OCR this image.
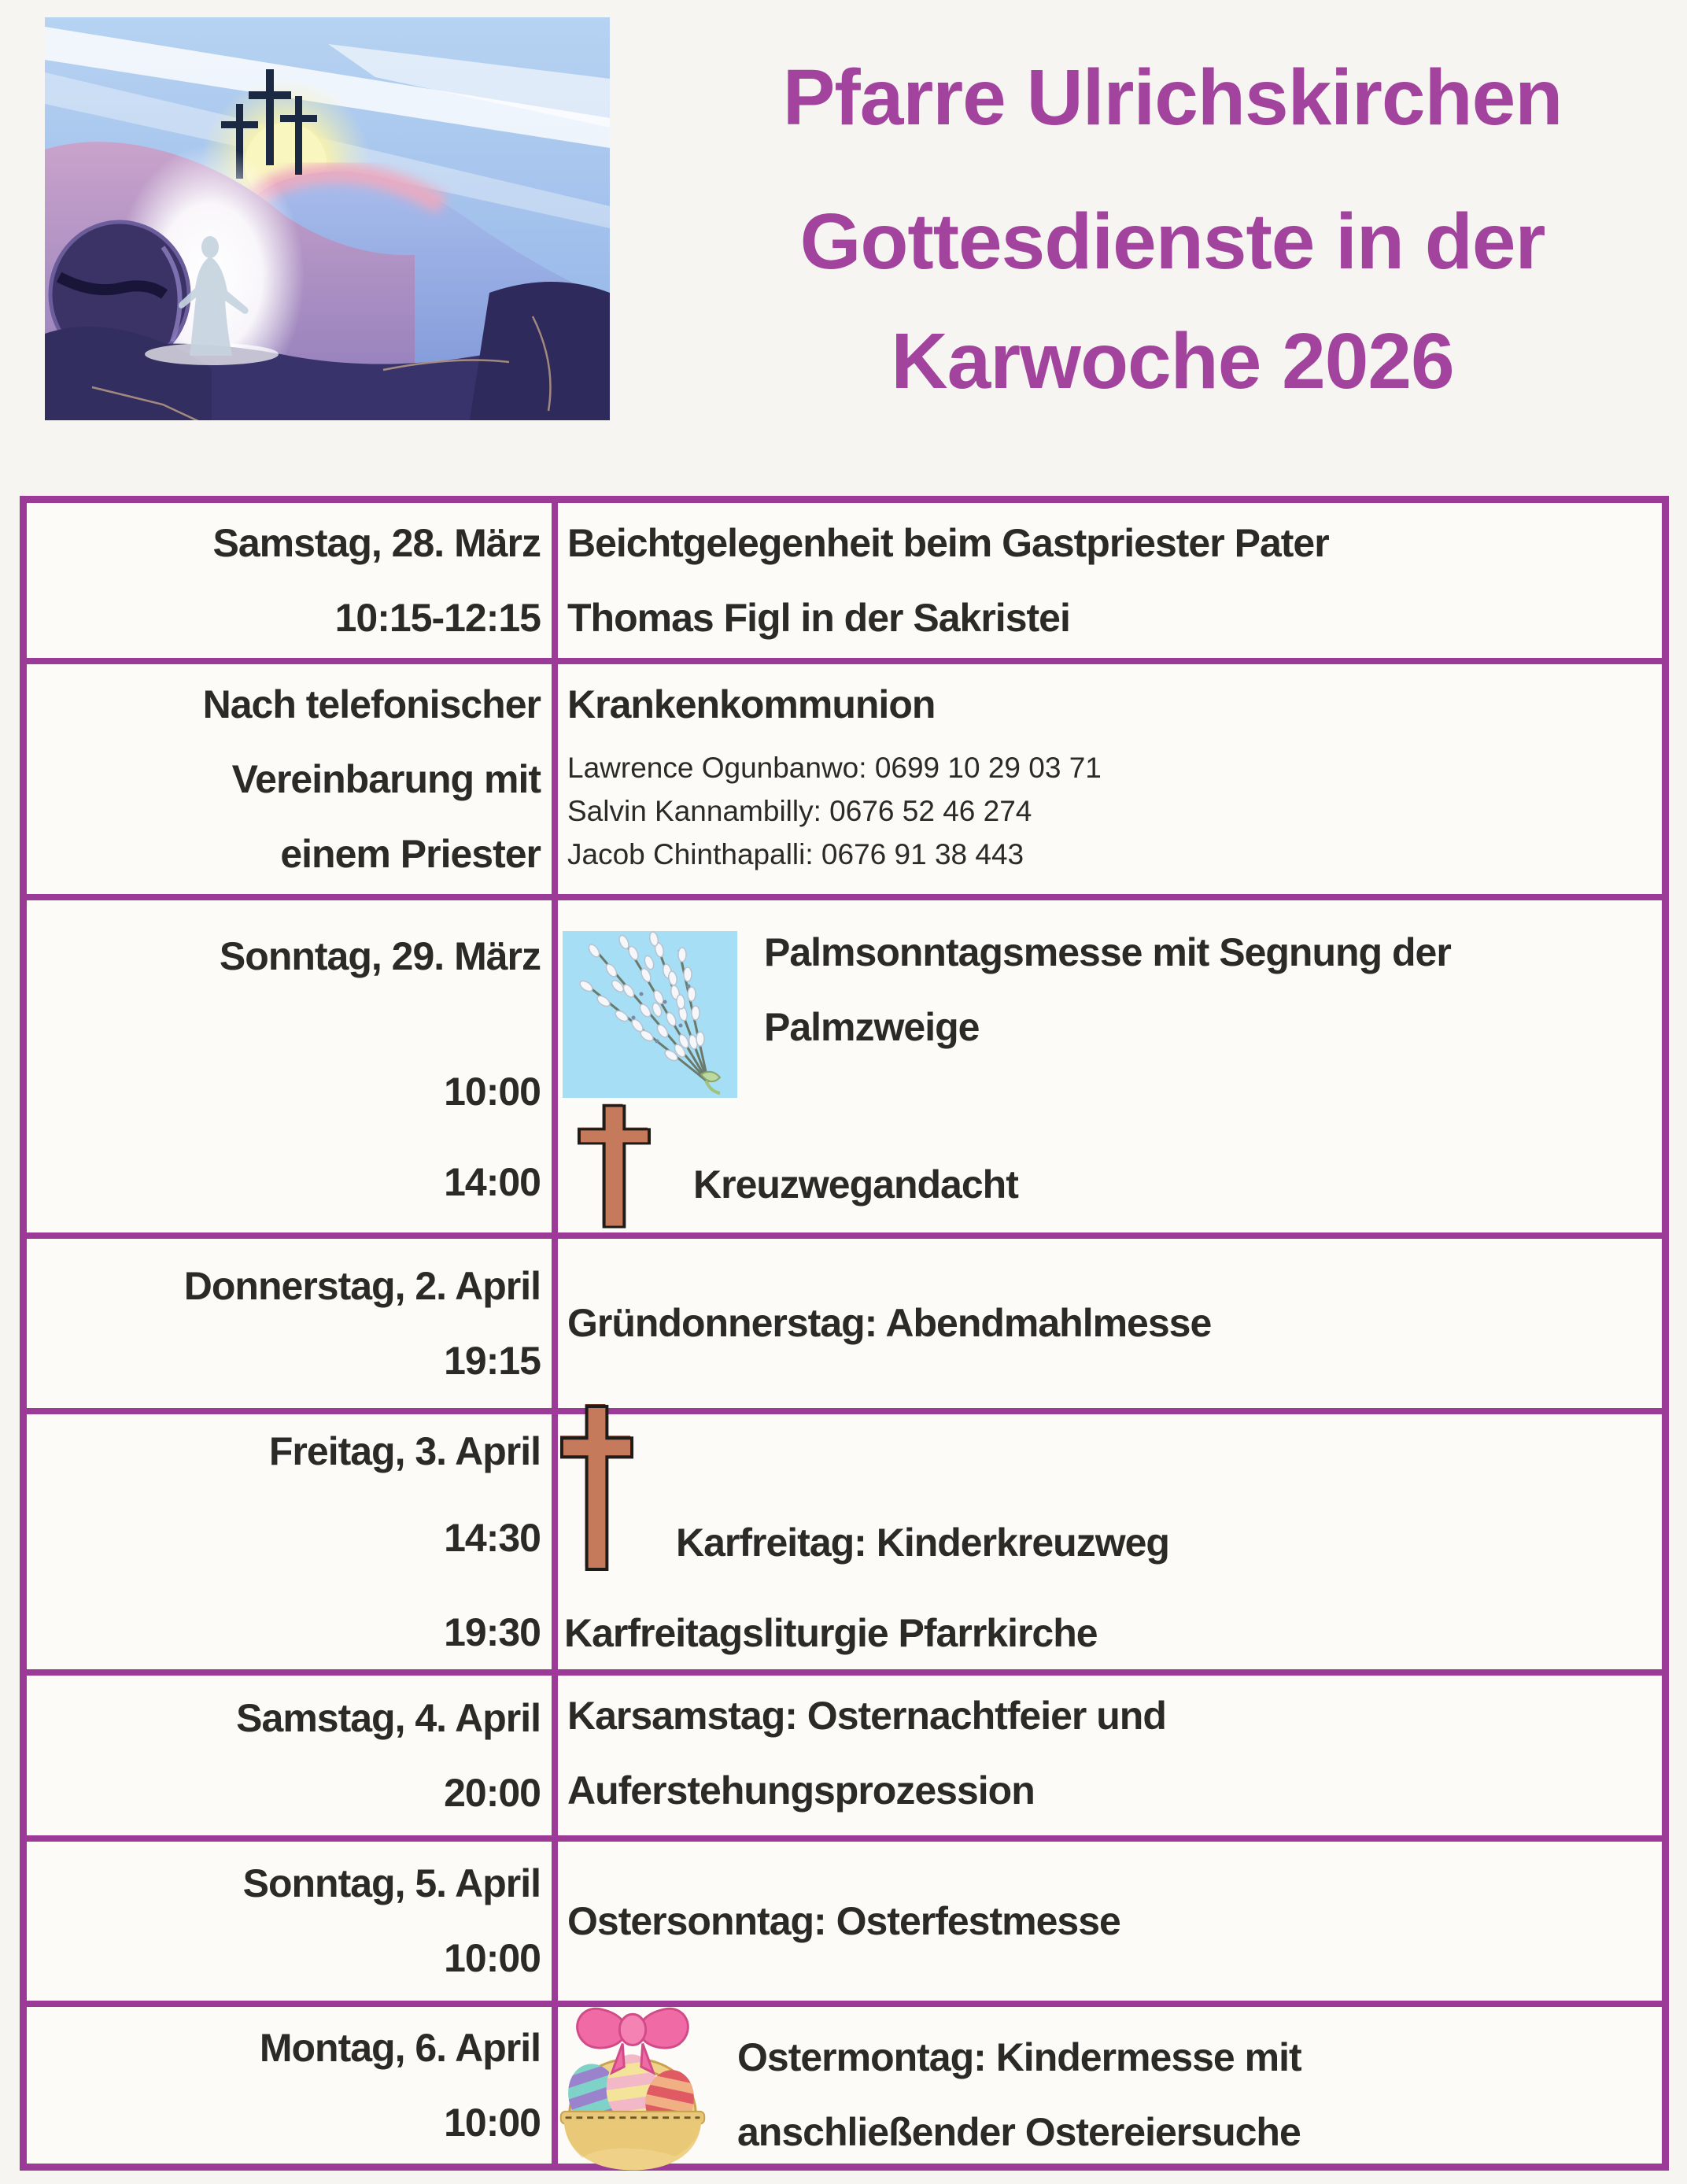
Pfarre Ulrichskirchen
Gottesdienste in der
Karwoche 2026
Samstag, 28. März
10:15-12:15
Beichtgelegenheit beim Gastpriester Pater
Thomas Figl in der Sakristei
Nach telefonischer
Vereinbarung mit
einem Priester
Krankenkommunion
Lawrence Ogunbanwo: 0699 10 29 03 71
Salvin Kannambilly: 0676 52 46 274
Jacob Chinthapalli: 0676 91 38 443
Sonntag, 29. März
10:00
14:00
Palmsonntagsmesse mit Segnung der
Palmzweige
Kreuzwegandacht
Donnerstag, 2. April
19:15
Gründonnerstag: Abendmahlmesse
Freitag, 3. April
14:30
19:30
Karfreitag: Kinderkreuzweg
Karfreitagsliturgie Pfarrkirche
Samstag, 4. April
20:00
Karsamstag: Osternachtfeier und
Auferstehungsprozession
Sonntag, 5. April
10:00
Ostersonntag: Osterfestmesse
Montag, 6. April
10:00
Ostermontag: Kindermesse mit
anschließender Ostereiersuche
